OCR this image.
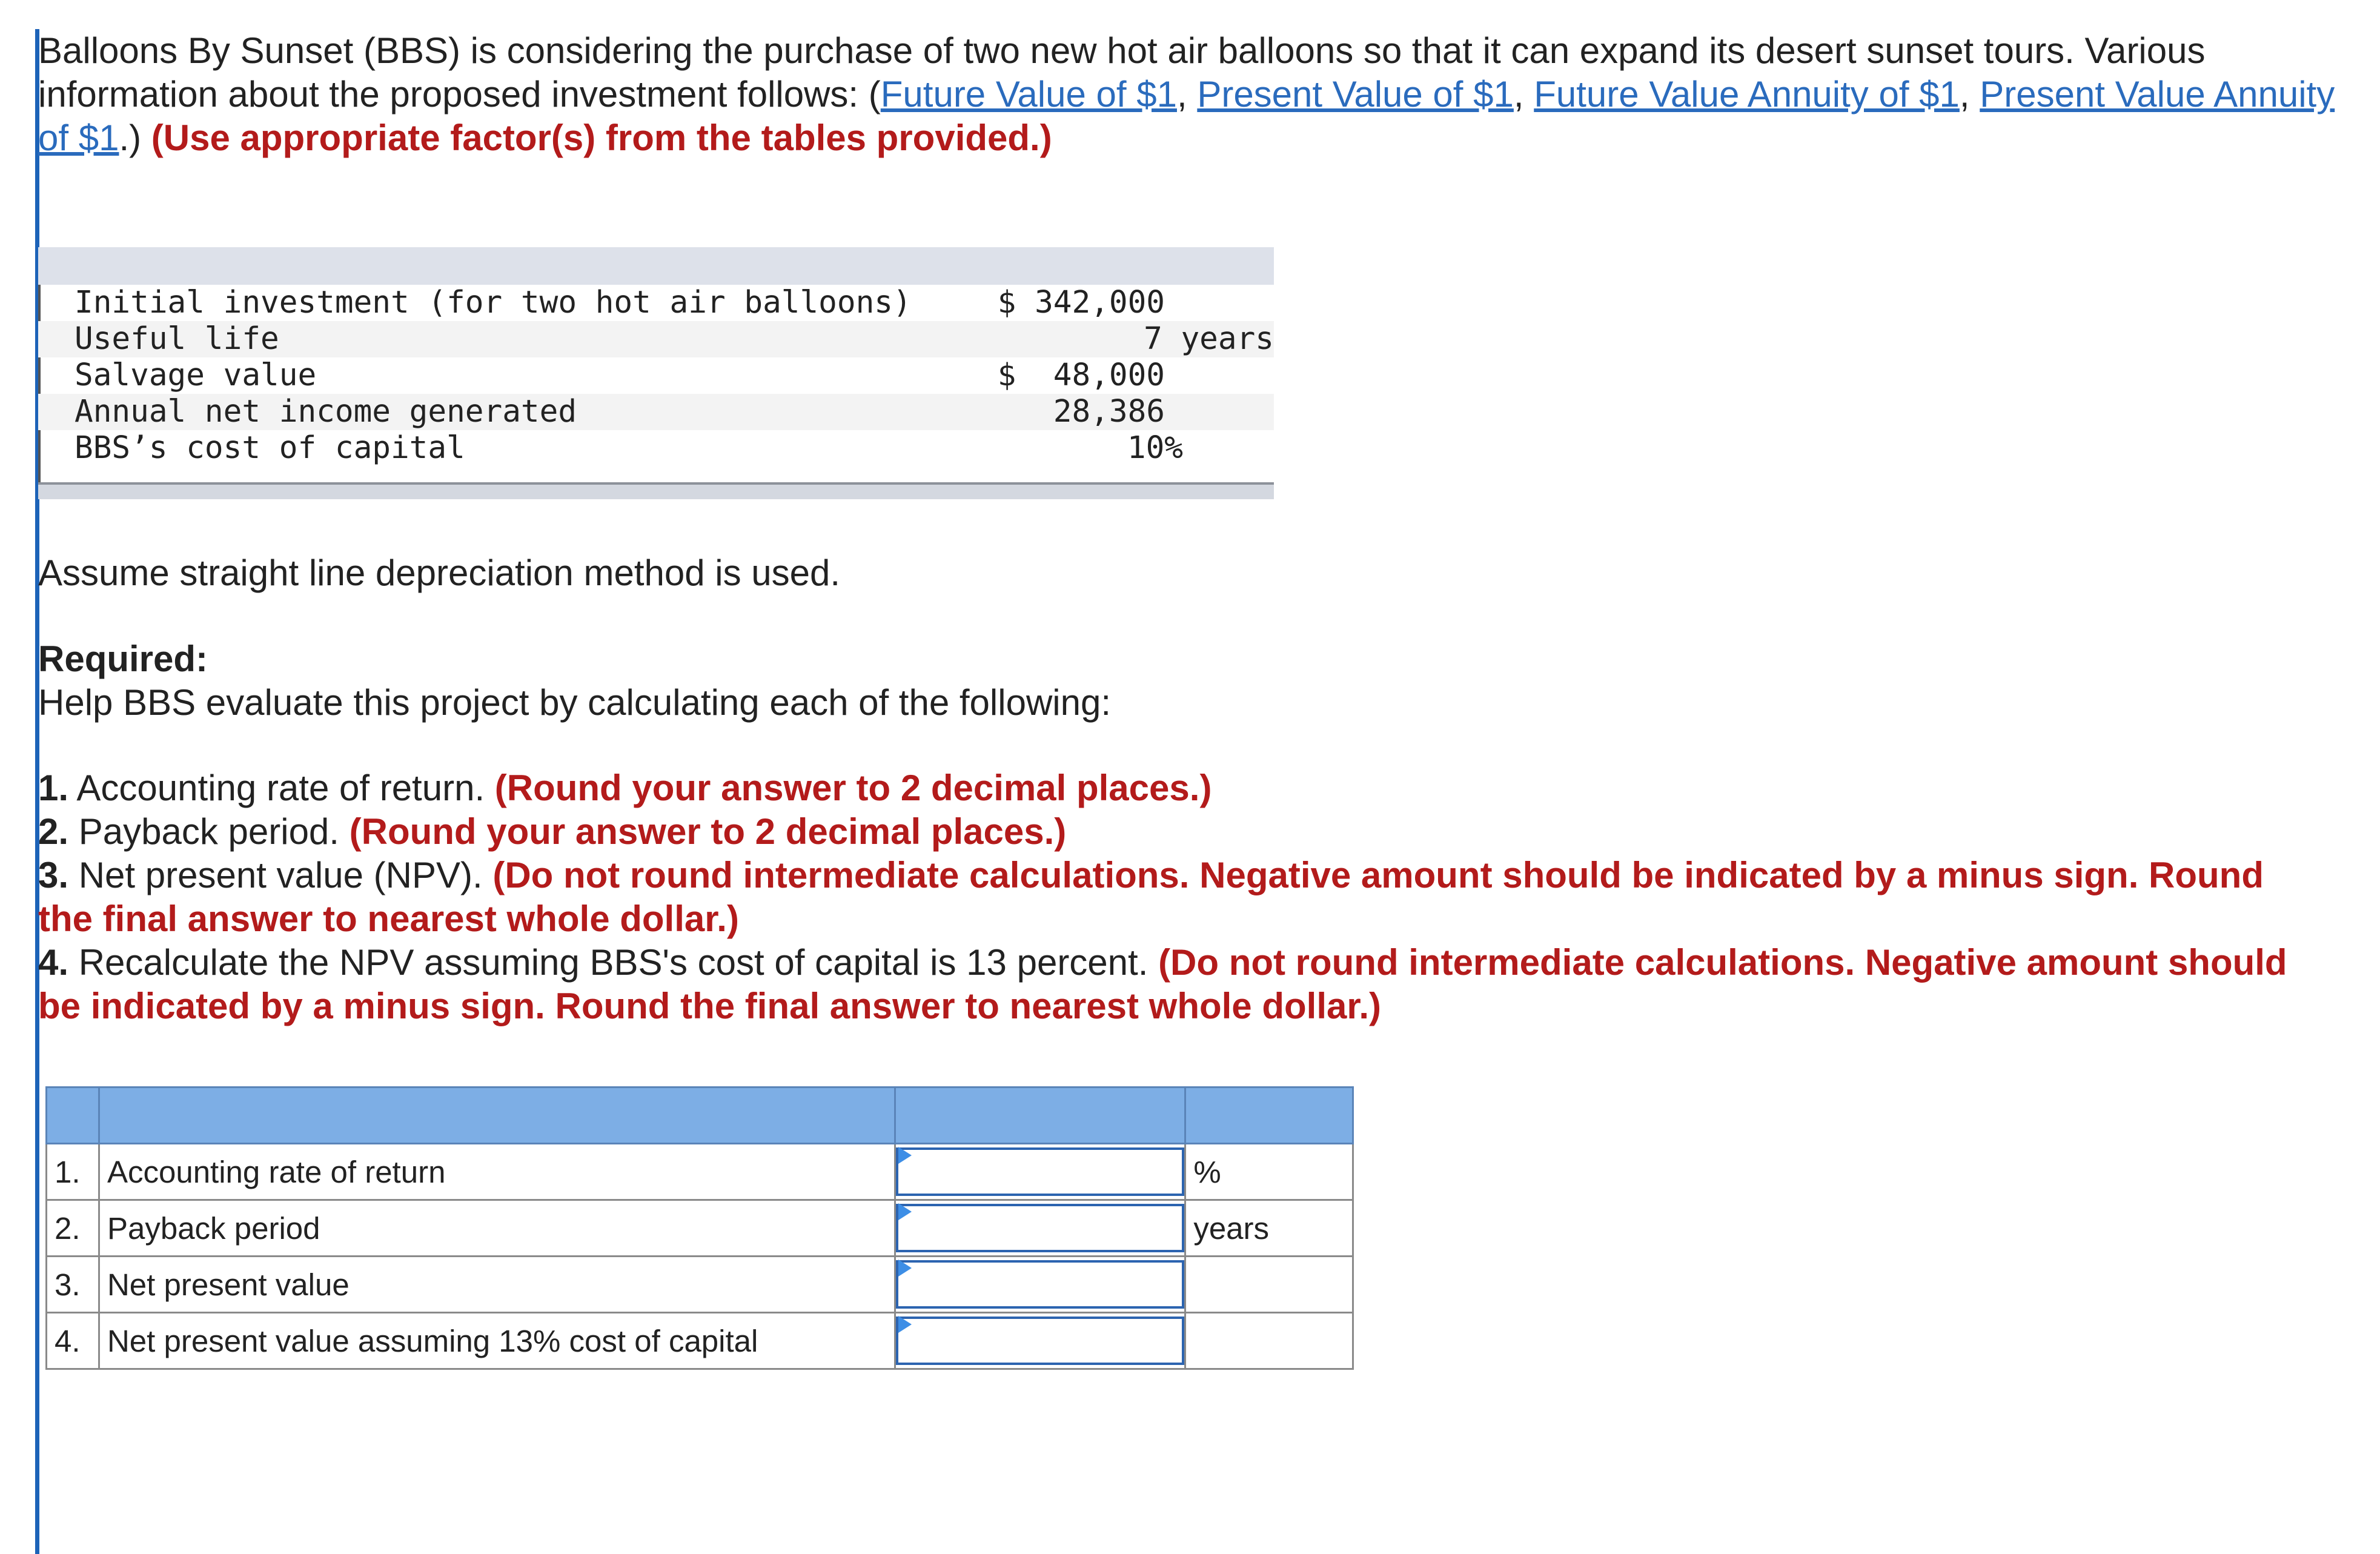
Balloons By Sunset (BBS) is considering the purchase of two new hot air balloons so that it can expand its desert sunset tours. Various information about the proposed investment follows: (Future Value of $1, Present Value of $1, Future Value Annuity of $1, Present Value Annuity of $1.) (Use appropriate factor(s) from the tables provided.)
Initial investment (for two hot air balloons)	$ 342,000
Useful life	7 years
Salvage value	$  48,000
Annual net income generated	28,386
BBS’s cost of capital	10%
Assume straight line depreciation method is used.
Required:
Help BBS evaluate this project by calculating each of the following:
1. Accounting rate of return. (Round your answer to 2 decimal places.)
2. Payback period. (Round your answer to 2 decimal places.)
3. Net present value (NPV). (Do not round intermediate calculations. Negative amount should be indicated by a minus sign. Round the final answer to nearest whole dollar.)
4. Recalculate the NPV assuming BBS's cost of capital is 13 percent. (Do not round intermediate calculations. Negative amount should be indicated by a minus sign. Round the final answer to nearest whole dollar.)

1.	Accounting rate of return		%
2.	Payback period		years
3.	Net present value	

4.	Net present value assuming 13% cost of capital	
